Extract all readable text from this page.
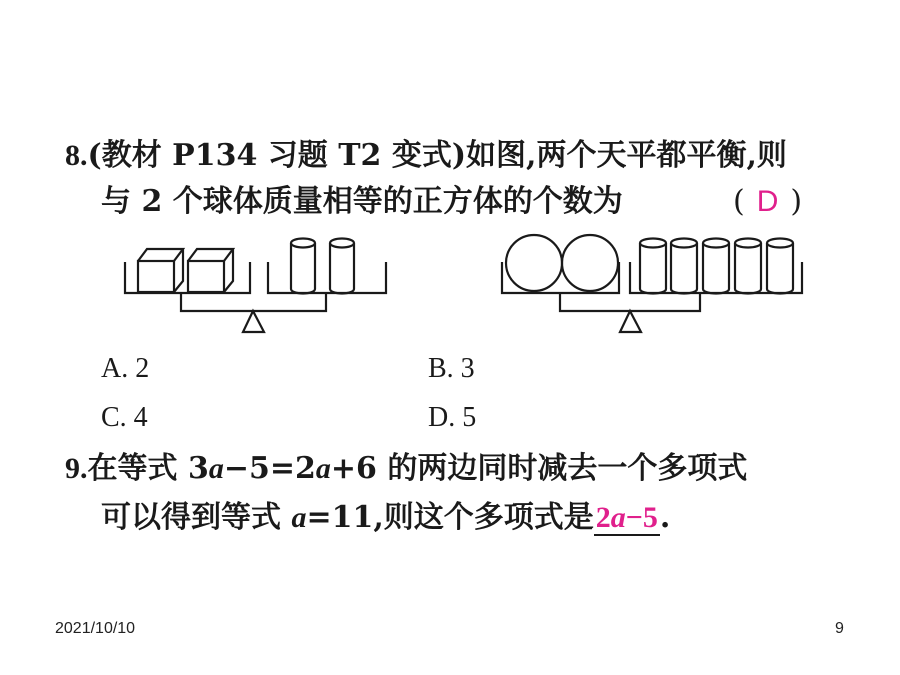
8.(教材 P134 习题 T2 变式)如图,两个天平都平衡,则
与 2 个球体质量相等的正方体的个数为	( D )
A. 2	B. 3
C. 4	D. 5
9.在等式 3a−5=2a+6 的两边同时减去一个多项式
可以得到等式 a=11,则这个多项式是2a−5.
2021/10/10	9
